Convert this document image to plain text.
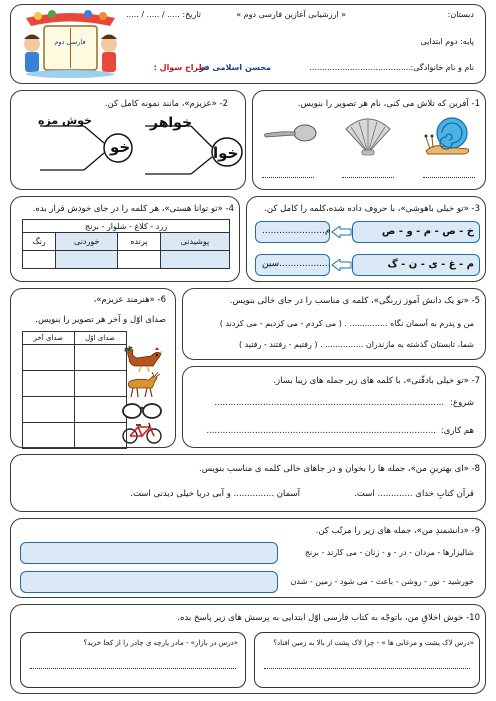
دبستان:
« ارزشیابی آغازین فارسی دوم »
تاریخ: ..... / ..... / .....
پایه: دوم ابتدایی
نام و نام خانوادگی:
........................................
طراح سوال :
محسن اسلامی فر
فارسی دوم
1- آفرین که تلاش می کنی، نام هر تصویر را بنویس.
2- «عزیزم»، مانند نمونه کامل کن.
خوا
خواهر
خو
خوش مزه
3- «تو خیلی باهوشی»، با حروف داده شده،کلمه را کامل کن.
خ - ص - م - و - ص
م......................
م - غ - ی - ن - گ
..................سین
4- «تو توانا هستی»، هر کلمه را در جای خودش قرار بده.
زرد - کلاغ - شلوار - برنج			
پوشیدنی	پرنده	خوردنی	رنگ

5- «تو یک دانش آموز زرنگی»، کلمه ی مناسب را در جای خالی بنویس.
من و پدرم به آسمان نگاه ............... . ( می کردم - می کردیم - می کردند )
شما، تابستان گذشته به مازندران ............... . ( رفتیم - رفتند - رفتید )
6- «هنرمند عزیزم»،
صدای اوّل و آخر هر تصویر را بنویس.
	صدای اوّل	صدای آخر

7- «تو خیلی بادقّتی»، با کلمه های زیر جمله های زیبا بساز.
شروع:
.....................................................................................
هم کاری:
.....................................................................................
8- «ای بهترینِ من»، جمله ها را بخوان و در جاهای خالی کلمه ی مناسب بنویس.
قرآن کتابِ خدای ............. است.
آسمان ............... و آبی دریا خیلی دیدنی است.
9- «دانشمندِ من»، جمله های زیر را مرتّب کن.
شالیزارها - مردان - در - و - زنان - می کارند - برنج
خورشید - نور - روشن - باعث - می شود - زمین - شدن
10- خوش اخلاقِ من، باتوجّه به کتاب فارسی اوّل ابتدایی به پرسش های زیر پاسخ بده.
«درس لاک پشت و مرغابی ها » - چرا لاک پشت از بالا به زمین افتاد؟
«درس در بازار» - مادر پارچه ی چادر را از کجا خرید؟
